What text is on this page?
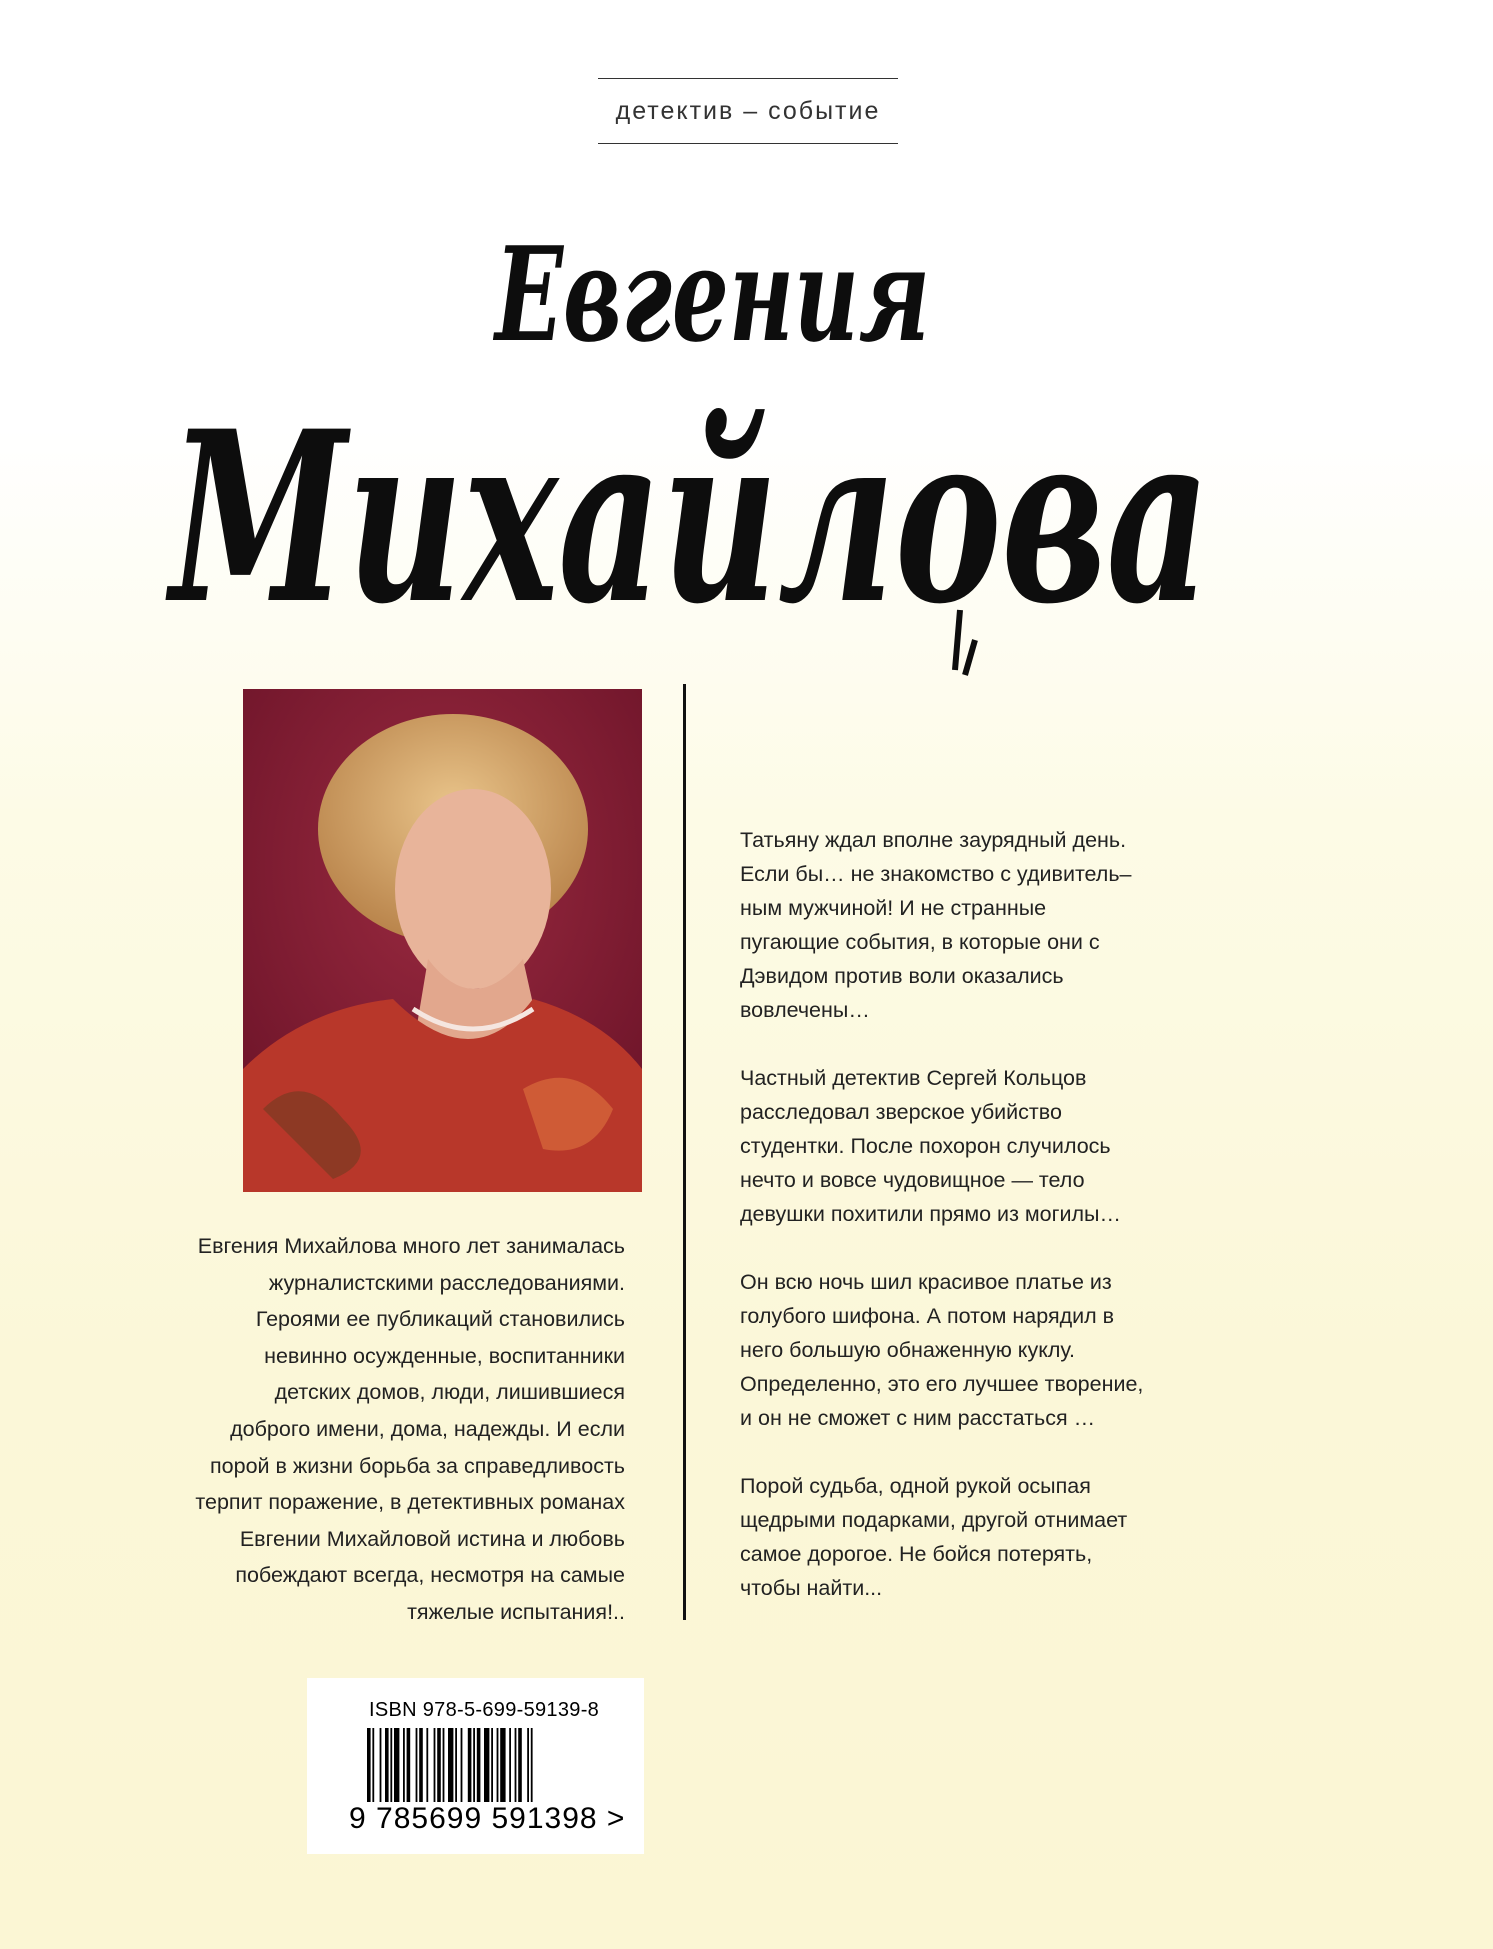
детектив – событие
Евгения
Михайлова
Евгения Михайлова много лет занималась
журналистскими расследованиями.
Героями ее публикаций становились
невинно осужденные, воспитанники
детских домов, люди, лишившиеся
доброго имени, дома, надежды. И если
порой в жизни борьба за справедливость
терпит поражение, в детективных романах
Евгении Михайловой истина и любовь
побеждают всегда, несмотря на самые
тяжелые испытания!..
Татьяну ждал вполне заурядный день.
Если бы… не знакомство с удивитель–
ным мужчиной! И не странные
пугающие события, в которые они с
Дэвидом против воли оказались
вовлечены…
Частный детектив Сергей Кольцов
расследовал зверское убийство
студентки. После похорон случилось
нечто и вовсе чудовищное — тело
девушки похитили прямо из могилы…
Он всю ночь шил красивое платье из
голубого шифона. А потом нарядил в
него большую обнаженную куклу.
Определенно, это его лучшее творение,
и он не сможет с ним расстаться …
Порой судьба, одной рукой осыпая
щедрыми подарками, другой отнимает
самое дорогое. Не бойся потерять,
чтобы найти...
ISBN 978-5-699-59139-8
9 785699 591398 >
